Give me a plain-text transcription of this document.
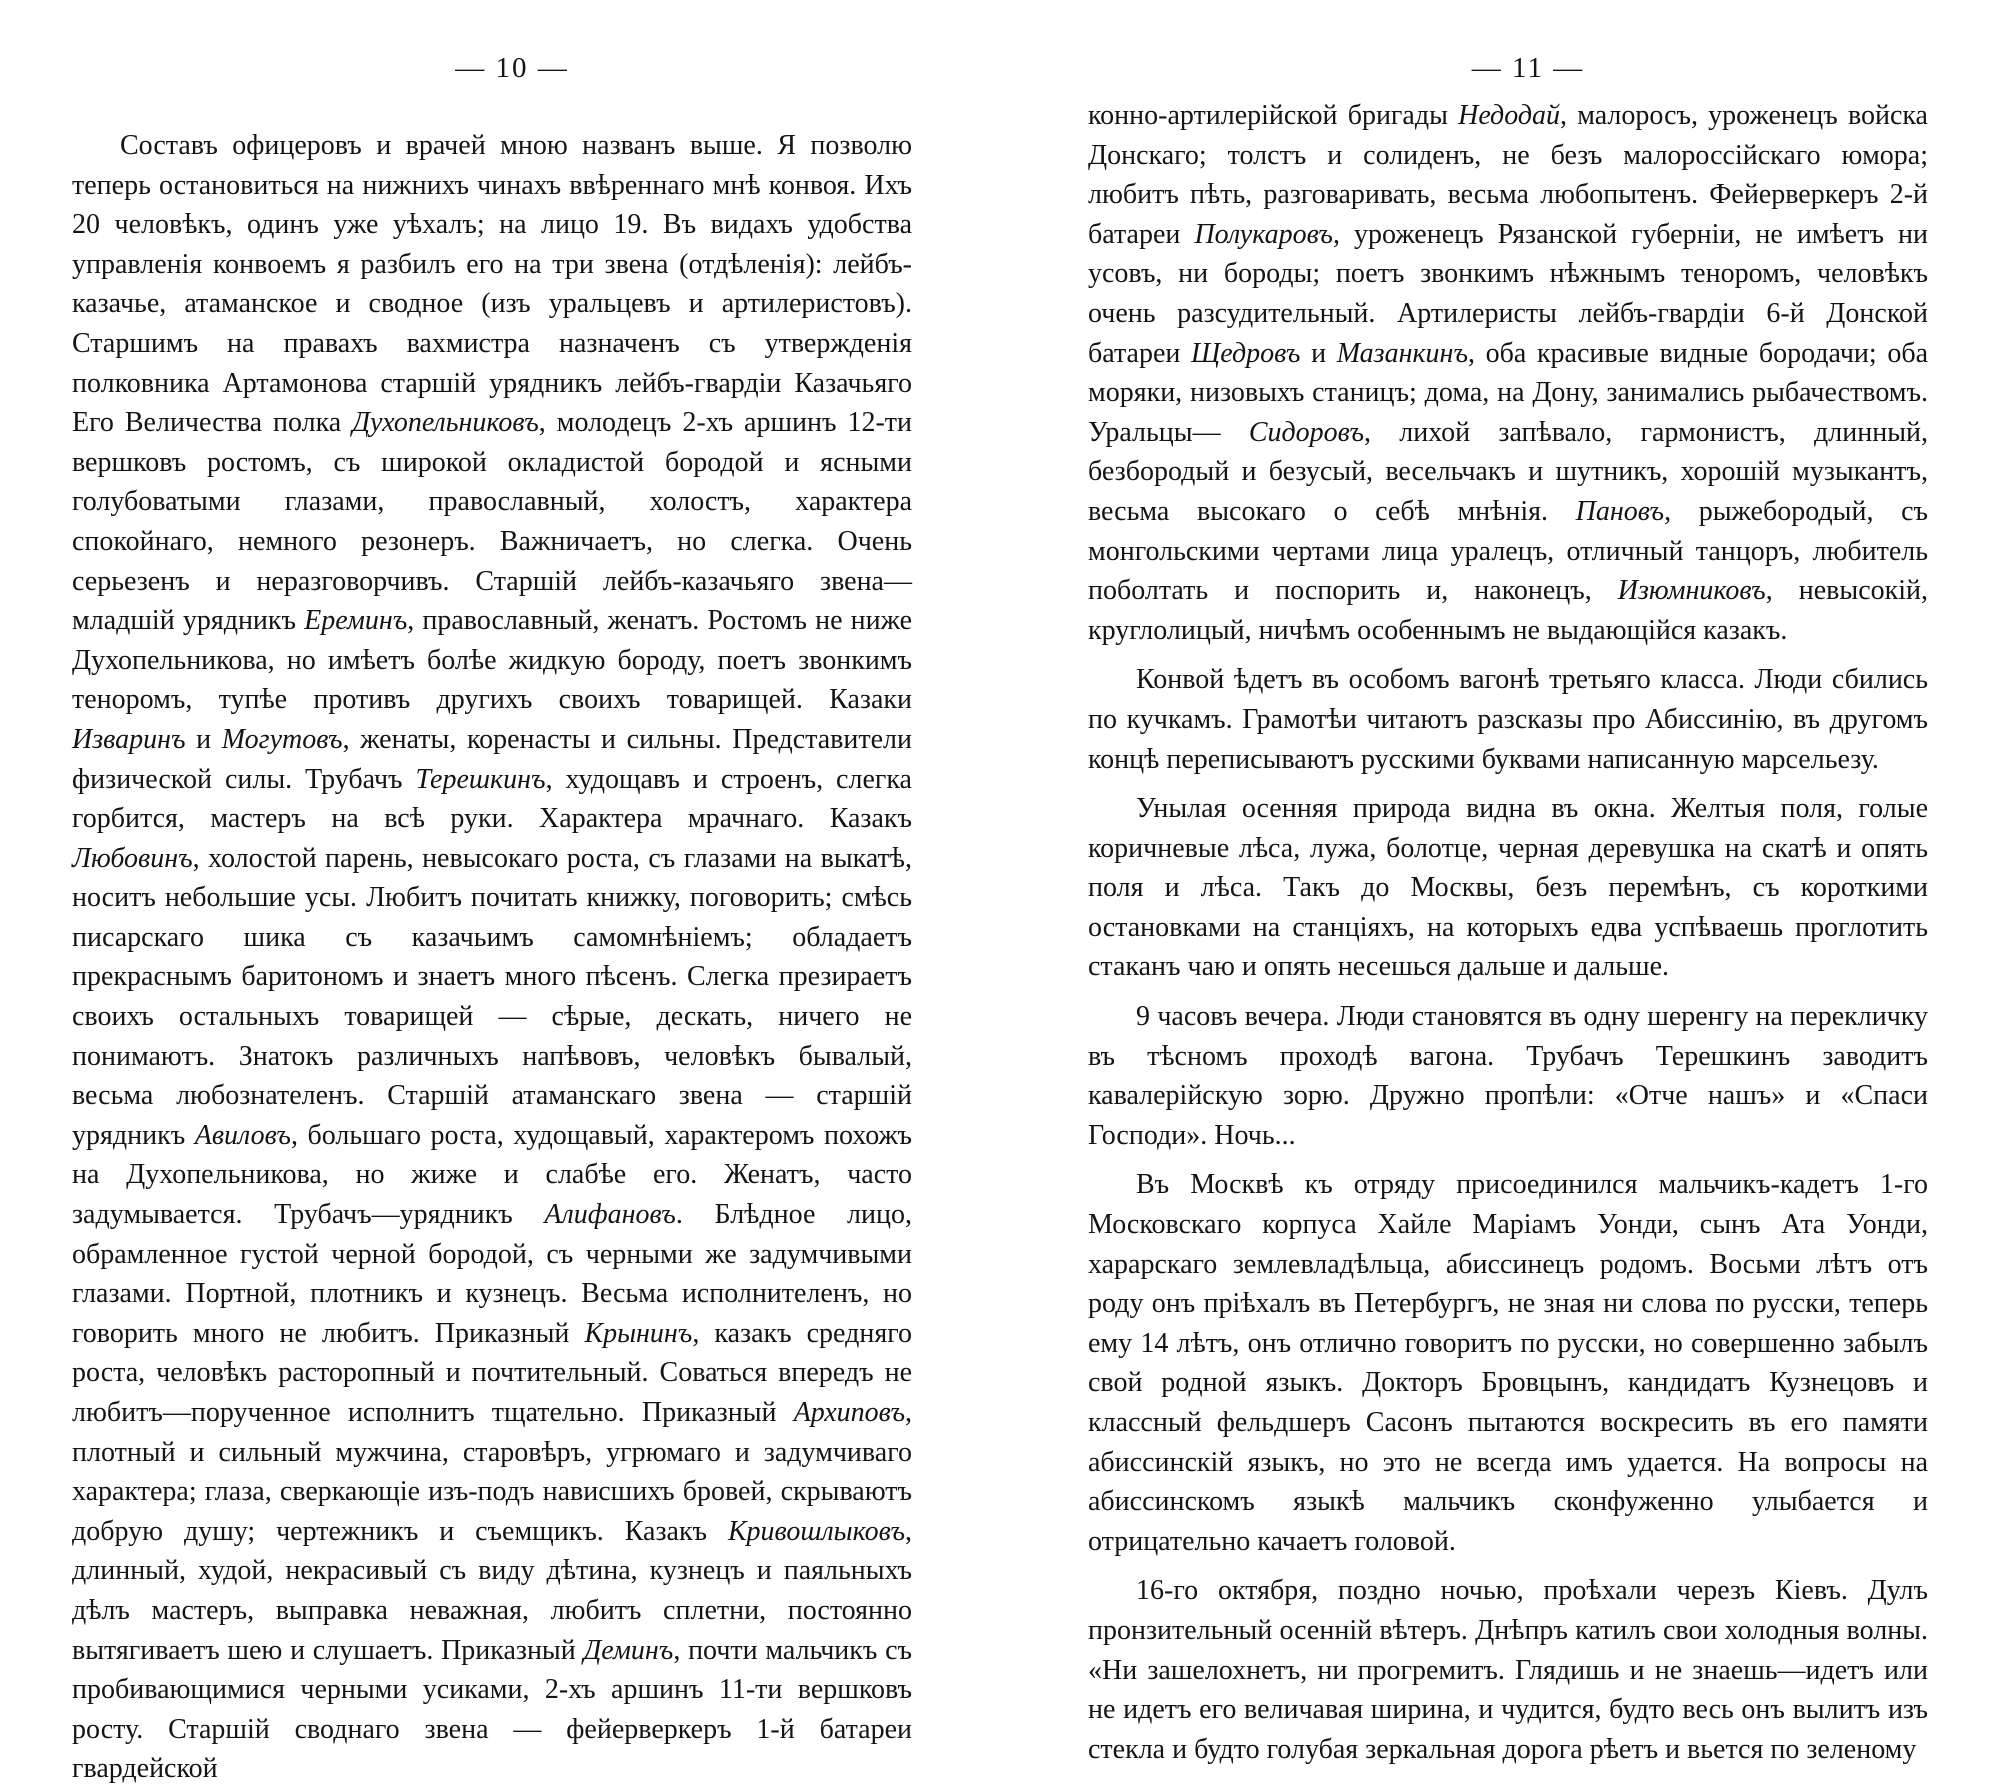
— 10 —

Составъ офицеровъ и врачей мною названъ выше. Я позволю теперь остановиться на нижнихъ чинахъ ввѣреннаго мнѣ конвоя. Ихъ 20 человѣкъ, одинъ уже уѣхалъ; на лицо 19. Въ видахъ удобства управленія конвоемъ я разбилъ его на три звена (отдѣленія): лейбъ-казачье, атаманское и сводное (изъ уральцевъ и артилеристовъ). Старшимъ на правахъ вахмистра назначенъ съ утвержденія полковника Артамонова старшій урядникъ лейбъ-гвардіи Казачьяго Его Величества полка Духопельниковъ, молодецъ 2-хъ аршинъ 12-ти вершковъ ростомъ, съ широкой окладистой бородой и ясными голубоватыми глазами, православный, холостъ, характера спокойнаго, немного резонеръ. Важничаетъ, но слегка. Очень серьезенъ и неразговорчивъ. Старшій лейбъ-казачьяго звена—младшій урядникъ Ереминъ, православный, женатъ. Ростомъ не ниже Духопельникова, но имѣетъ болѣе жидкую бороду, поетъ звонкимъ теноромъ, тупѣе противъ другихъ своихъ товарищей. Казаки Изваринъ и Могутовъ, женаты, коренасты и сильны. Представители физической силы. Трубачъ Терешкинъ, худощавъ и строенъ, слегка горбится, мастеръ на всѣ руки. Характера мрачнаго. Казакъ Любовинъ, холостой парень, невысокаго роста, съ глазами на выкатѣ, носитъ небольшие усы. Любитъ почитать книжку, поговорить; смѣсь писарскаго шика съ казачьимъ самомнѣніемъ; обладаетъ прекраснымъ баритономъ и знаетъ много пѣсенъ. Слегка презираетъ своихъ остальныхъ товарищей — сѣрые, дескать, ничего не понимаютъ. Знатокъ различныхъ напѣвовъ, человѣкъ бывалый, весьма любознателенъ. Старшій атаманскаго звена — старшій урядникъ Авиловъ, большаго роста, худощавый, характеромъ похожъ на Духопельникова, но жиже и слабѣе его. Женатъ, часто задумывается. Трубачъ—урядникъ Алифановъ. Блѣдное лицо, обрамленное густой черной бородой, съ черными же задумчивыми глазами. Портной, плотникъ и кузнецъ. Весьма исполнителенъ, но говорить много не любитъ. Приказный Крынинъ, казакъ средняго роста, человѣкъ расторопный и почтительный. Соваться впередъ не любитъ—порученное исполнитъ тщательно. Приказный Архиповъ, плотный и сильный мужчина, старовѣръ, угрюмаго и задумчиваго характера; глаза, сверкающіе изъ-подъ нависшихъ бровей, скрываютъ добрую душу; чертежникъ и съемщикъ. Казакъ Кривошлыковъ, длинный, худой, некрасивый съ виду дѣтина, кузнецъ и паяльныхъ дѣлъ мастеръ, выправка неважная, любитъ сплетни, постоянно вытягиваетъ шею и слушаетъ. Приказный Деминъ, почти мальчикъ съ пробивающимися черными усиками, 2-хъ аршинъ 11-ти вершковъ росту. Старшій своднаго звена — фейерверкеръ 1-й батареи гвардейской

— 11 —

конно-артилерійской бригады Недодай, малоросъ, уроженецъ войска Донскаго; толстъ и солиденъ, не безъ малороссійскаго юмора; любитъ пѣть, разговаривать, весьма любопытенъ. Фейерверкеръ 2-й батареи Полукаровъ, уроженецъ Рязанской губерніи, не имѣетъ ни усовъ, ни бороды; поетъ звонкимъ нѣжнымъ теноромъ, человѣкъ очень разсудительный. Артилеристы лейбъ-гвардіи 6-й Донской батареи Щедровъ и Мазанкинъ, оба красивые видные бородачи; оба моряки, низовыхъ станицъ; дома, на Дону, занимались рыбачествомъ. Уральцы— Сидоровъ, лихой запѣвало, гармонистъ, длинный, безбородый и безусый, весельчакъ и шутникъ, хорошій музыкантъ, весьма высокаго о себѣ мнѣнія. Пановъ, рыжебородый, съ монгольскими чертами лица уралецъ, отличный танцоръ, любитель поболтать и поспорить и, наконецъ, Изюмниковъ, невысокій, круглолицый, ничѣмъ особеннымъ не выдающійся казакъ.

Конвой ѣдетъ въ особомъ вагонѣ третьяго класса. Люди сбились по кучкамъ. Грамотѣи читаютъ разсказы про Абиссинію, въ другомъ концѣ переписываютъ русскими буквами написанную марсельезу.

Унылая осенняя природа видна въ окна. Желтыя поля, голые коричневые лѣса, лужа, болотце, черная деревушка на скатѣ и опять поля и лѣса. Такъ до Москвы, безъ перемѣнъ, съ короткими остановками на станціяхъ, на которыхъ едва успѣваешь проглотить стаканъ чаю и опять несешься дальше и дальше.

9 часовъ вечера. Люди становятся въ одну шеренгу на перекличку въ тѣсномъ проходѣ вагона. Трубачъ Терешкинъ заводитъ кавалерійскую зорю. Дружно пропѣли: «Отче нашъ» и «Спаси Господи». Ночь...

Въ Москвѣ къ отряду присоединился мальчикъ-кадетъ 1-го Московскаго корпуса Хайле Маріамъ Уонди, сынъ Ата Уонди, харарскаго землевладѣльца, абиссинецъ родомъ. Восьми лѣтъ отъ роду онъ пріѣхалъ въ Петербургъ, не зная ни слова по русски, теперь ему 14 лѣтъ, онъ отлично говоритъ по русски, но совершенно забылъ свой родной языкъ. Докторъ Бровцынъ, кандидатъ Кузнецовъ и классный фельдшеръ Сасонъ пытаются воскресить въ его памяти абиссинскій языкъ, но это не всегда имъ удается. На вопросы на абиссинскомъ языкѣ мальчикъ сконфуженно улыбается и отрицательно качаетъ головой.

16-го октября, поздно ночью, проѣхали черезъ Кіевъ. Дулъ пронзительный осенній вѣтеръ. Днѣпръ катилъ свои холодныя волны. «Ни зашелохнетъ, ни прогремитъ. Глядишь и не знаешь—идетъ или не идетъ его величавая ширина, и чудится, будто весь онъ вылитъ изъ стекла и будто голубая зеркальная дорога рѣетъ и вьется по зеленому
